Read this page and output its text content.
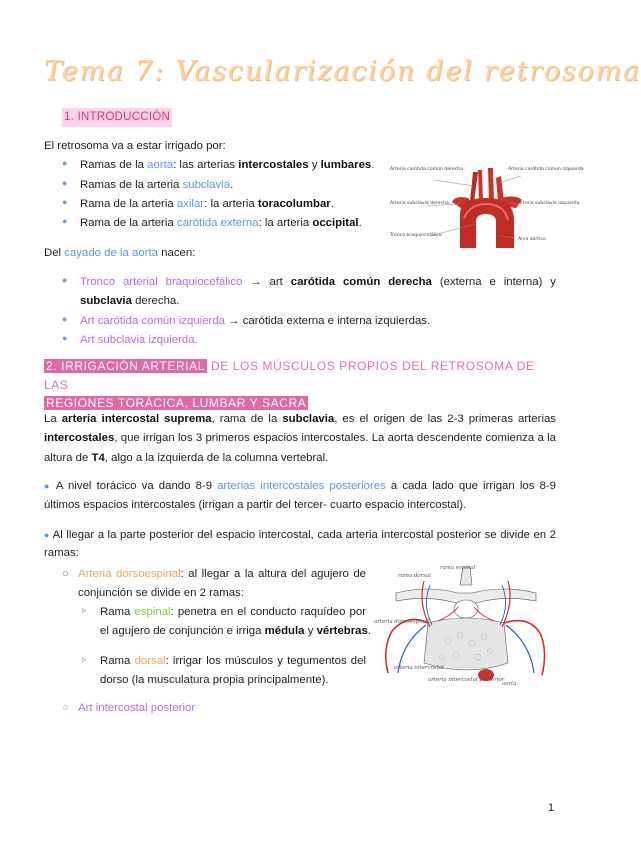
Tema 7: Vascularización del retrosoma
1. INTRODUCCIÓN
El retrosoma va a estar irrigado por:
● Ramas de la aorta: las arterias intercostales y lumbares.
● Ramas de la arteria subclavia.
● Rama de la arteria axilar: la arteria toracolumbar.
● Rama de la arteria carótida externa: la arteria occipital.
Arteria carótida común derecha	Arteria carótida común izquierda
Arteria subclavia derecha	Arteria subclavia izquierda
Tronco braquiocefálico
Arco aórtico
Del cayado de la aorta nacen:
● Tronco arterial braquiocefálico → art carótida común derecha (externa e interna) y
subclavia derecha.
● Art carótida común izquierda → carótida externa e interna izquierdas.
● Art subclavia izquierda.
2. IRRIGACIÓN ARTERIAL DE LOS MÚSCULOS PROPIOS DEL RETROSOMA DE LAS
REGIONES TORÁCICA, LUMBAR Y SACRA
La arteria intercostal suprema, rama de la subclavia, es el origen de las 2-3 primeras arterias
intercostales, que irrigan los 3 primeros espacios intercostales. La aorta descendente comienza a la
altura de T4, algo a la izquierda de la columna vertebral.
● A nivel torácico va dando 8-9 arterias intercostales posteriores a cada lado que irrigan los 8-9
últimos espacios intercostales (irrigan a partir del tercer- cuarto espacio intercostal).
● Al llegar a la parte posterior del espacio intercostal, cada arteria intercostal posterior se divide en 2
ramas:
○ Arteria dorsoespinal: al llegar a la altura del agujero de
conjunción se divide en 2 ramas:
▹ Rama espinal: penetra en el conducto raquídeo por
el agujero de conjunción e irriga médula y vértebras.
▹ Rama dorsal: irrigar los músculos y tegumentos del
dorso (la musculatura propia principalmente).
○ Art intercostal posterior
rama dorsal
rama espinal
arteria dorsoespinal
arteria intercostal
arteria intercostal posterior
aorta
1
